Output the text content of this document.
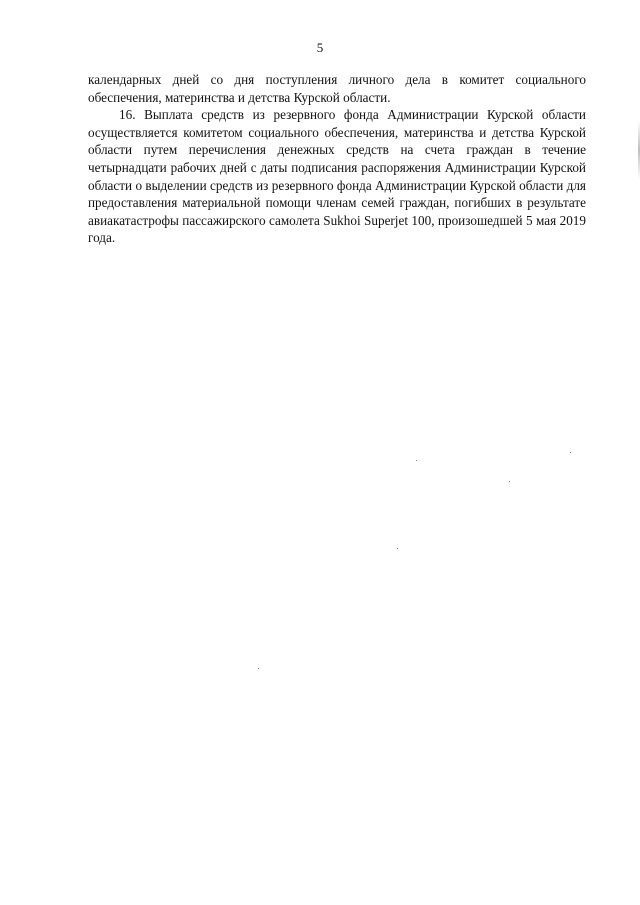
5

календарных дней со дня поступления личного дела в комитет социального обеспечения, материнства и детства Курской области.

16. Выплата средств из резервного фонда Администрации Курской области осуществляется комитетом социального обеспечения, материнства и детства Курской области путем перечисления денежных средств на счета граждан в течение четырнадцати рабочих дней с даты подписания распоряжения Администрации Курской области о выделении средств из резервного фонда Администрации Курской области для предоставления материальной помощи членам семей граждан, погибших в результате авиакатастрофы пассажирского самолета Sukhoi Superjet 100, произошедшей 5 мая 2019 года.
